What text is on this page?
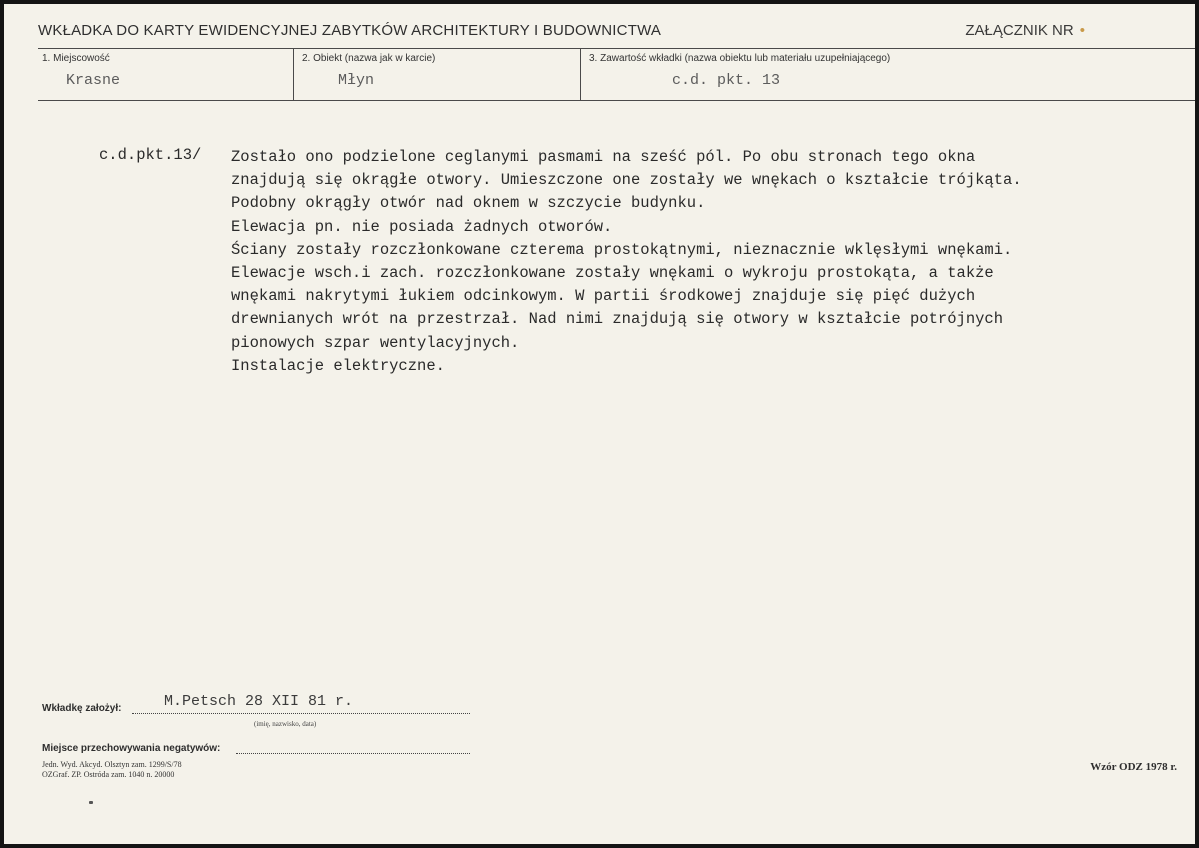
WKŁADKA DO KARTY EWIDENCYJNEJ ZABYTKÓW ARCHITEKTURY I BUDOWNICTWA	ZAŁĄCZNIK NR •
1. Miejscowość
Krasne
2. Obiekt (nazwa jak w karcie)
Młyn
3. Zawartość wkładki (nazwa obiektu lub materiału uzupełniającego)
c.d. pkt. 13
c.d.pkt.13/ Zostało ono podzielone ceglanymi pasmami na sześć pól. Po obu stronach tego okna
znajdują się okrągłe otwory. Umieszczone one zostały we wnękach o kształcie trójkąta.
Podobny okrągły otwór nad oknem w szczycie budynku.
Elewacja pn. nie posiada żadnych otworów.
Ściany zostały rozczłonkowane czterema prostokątnymi, nieznacznie wklęsłymi wnękami.
Elewacje wsch.i zach. rozczłonkowane zostały wnękami o wykroju prostokąta, a także
wnękami nakrytymi łukiem odcinkowym. W partii środkowej znajduje się pięć dużych
drewnianych wrót na przestrzał. Nad nimi znajdują się otwory w kształcie potrójnych
pionowych szpar wentylacyjnych.
Instalacje elektryczne.
Wkładkę założył:	M.Petsch 28 XII 81 r.
(imię, nazwisko, data)
Miejsce przechowywania negatywów:
Jedn. Wyd. Akcyd. Olsztyn zam. 1299/S/78
OZGraf. ZP. Ostróda zam. 1040 n. 20000
Wzór ODZ 1978 r.
